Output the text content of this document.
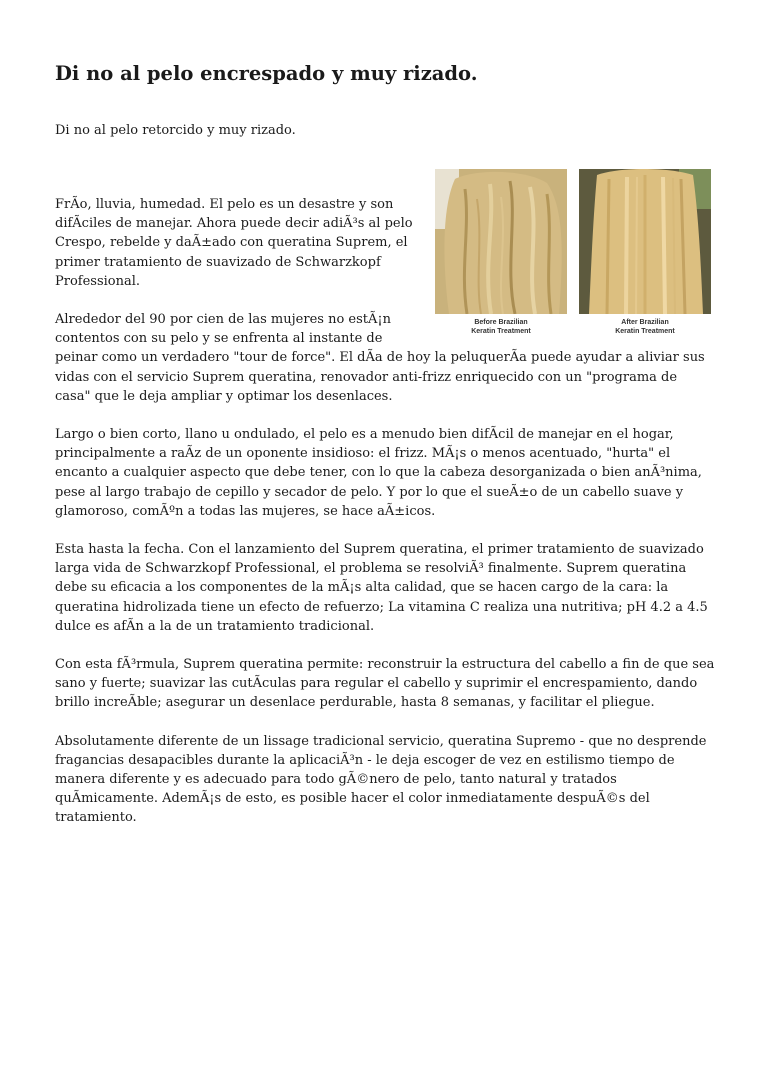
Di no al pelo encrespado y muy rizado.

Di no al pelo retorcido y muy rizado.

Before Brazilian
Keratin Treatment
After Brazilian
Keratin Treatment

FrÃo, lluvia, humedad. El pelo es un desastre y son difÃciles de manejar. Ahora puede decir adiÃ³s al pelo Crespo, rebelde y daÃ±ado con queratina Suprem, el primer tratamiento de suavizado de Schwarzkopf Professional.

Alrededor del 90 por cien de las mujeres no estÃ¡n contentos con su pelo y se enfrenta al instante de peinar como un verdadero "tour de force". El dÃa de hoy la peluquerÃa puede ayudar a aliviar sus vidas con el servicio Suprem queratina, renovador anti-frizz enriquecido con un "programa de casa" que le deja ampliar y optimar los desenlaces.

Largo o bien corto, llano u ondulado, el pelo es a menudo bien difÃcil de manejar en el hogar, principalmente a raÃz de un oponente insidioso: el frizz. MÃ¡s o menos acentuado, "hurta" el encanto a cualquier aspecto que debe tener, con lo que la cabeza desorganizada o bien anÃ³nima, pese al largo trabajo de cepillo y secador de pelo. Y por lo que el sueÃ±o de un cabello suave y glamoroso, comÃºn a todas las mujeres, se hace aÃ±icos.

Esta hasta la fecha. Con el lanzamiento del Suprem queratina, el primer tratamiento de suavizado larga vida de Schwarzkopf Professional, el problema se resolviÃ³ finalmente. Suprem queratina debe su eficacia a los componentes de la mÃ¡s alta calidad, que se hacen cargo de la cara: la queratina hidrolizada tiene un efecto de refuerzo; La vitamina C realiza una nutritiva; pH 4.2 a 4.5 dulce es afÃn a la de un tratamiento tradicional.

Con esta fÃ³rmula, Suprem queratina permite: reconstruir la estructura del cabello a fin de que sea sano y fuerte; suavizar las cutÃculas para regular el cabello y suprimir el encrespamiento, dando brillo increÃble; asegurar un desenlace perdurable, hasta 8 semanas, y facilitar el pliegue.

Absolutamente diferente de un lissage tradicional servicio, queratina Supremo - que no desprende fragancias desapacibles durante la aplicaciÃ³n - le deja escoger de vez en estilismo tiempo de manera diferente y es adecuado para todo gÃ©nero de pelo, tanto natural y tratados quÃmicamente. AdemÃ¡s de esto, es posible hacer el color inmediatamente despuÃ©s del tratamiento.
